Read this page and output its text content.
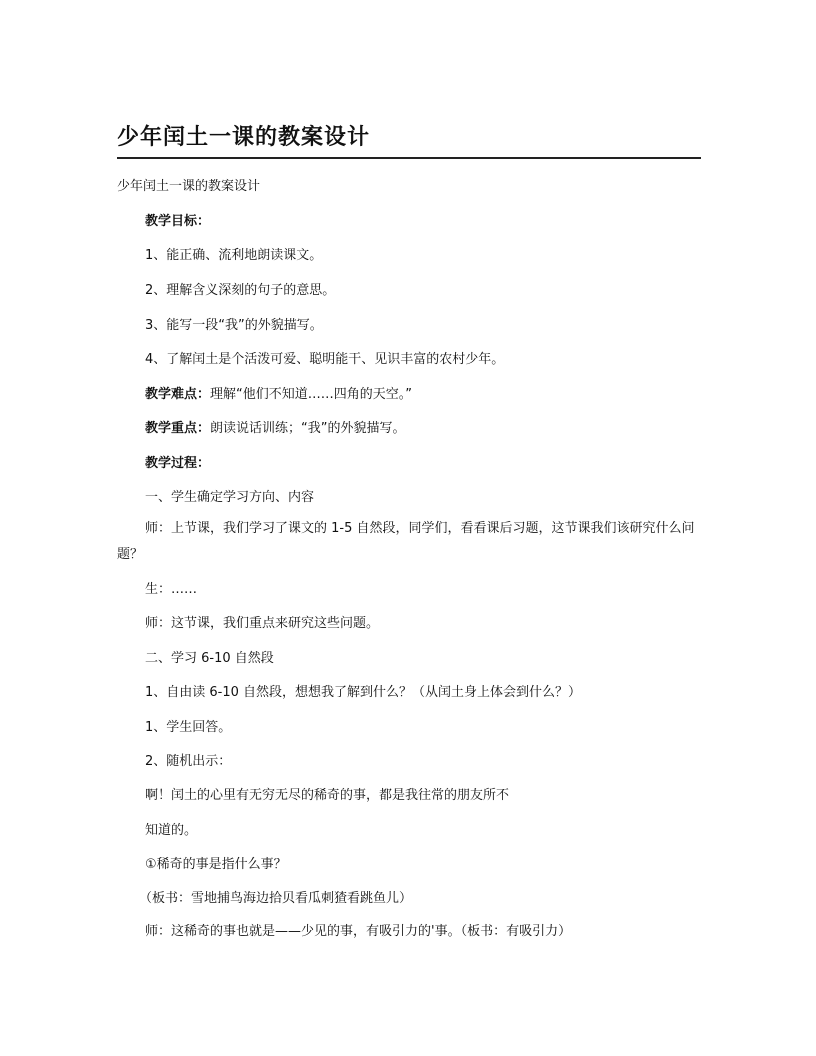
少年闰土一课的教案设计
少年闰土一课的教案设计
教学目标：
1、能正确、流利地朗读课文。
2、理解含义深刻的句子的意思。
3、能写一段“我”的外貌描写。
4、了解闰土是个活泼可爱、聪明能干、见识丰富的农村少年。
教学难点：理解“他们不知道……四角的天空。”
教学重点：朗读说话训练；“我”的外貌描写。
教学过程：
一、学生确定学习方向、内容
师：上节课，我们学习了课文的 1-5 自然段，同学们，看看课后习题，这节课我们该研究什么问题？
生：……
师：这节课，我们重点来研究这些问题。
二、学习 6-10 自然段
1、自由读 6-10 自然段，想想我了解到什么？（从闰土身上体会到什么？）
1、学生回答。
2、随机出示：
啊！闰土的心里有无穷无尽的稀奇的事，都是我往常的朋友所不
知道的。
①稀奇的事是指什么事？
（板书：雪地捕鸟海边拾贝看瓜刺猹看跳鱼儿）
师：这稀奇的事也就是——少见的事，有吸引力的'事。（板书：有吸引力）
